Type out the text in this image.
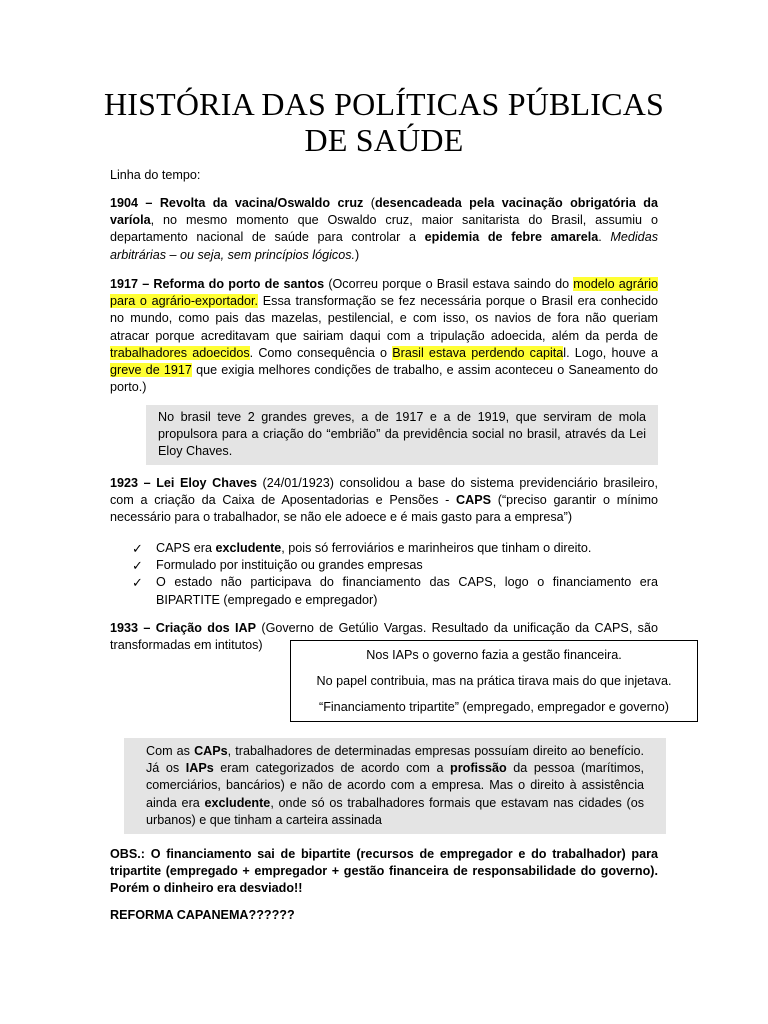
HISTÓRIA DAS POLÍTICAS PÚBLICAS DE SAÚDE

Linha do tempo:

1904 – Revolta da vacina/Oswaldo cruz (desencadeada pela vacinação obrigatória da varíola, no mesmo momento que Oswaldo cruz, maior sanitarista do Brasil, assumiu o departamento nacional de saúde para controlar a epidemia de febre amarela. Medidas arbitrárias – ou seja, sem princípios lógicos.)

1917 – Reforma do porto de santos (Ocorreu porque o Brasil estava saindo do modelo agrário para o agrário-exportador. Essa transformação se fez necessária porque o Brasil era conhecido no mundo, como pais das mazelas, pestilencial, e com isso, os navios de fora não queriam atracar porque acreditavam que sairiam daqui com a tripulação adoecida, além da perda de trabalhadores adoecidos. Como consequência o Brasil estava perdendo capital. Logo, houve a greve de 1917 que exigia melhores condições de trabalho, e assim aconteceu o Saneamento do porto.)

No brasil teve 2 grandes greves, a de 1917 e a de 1919, que serviram de mola propulsora para a criação do “embrião” da previdência social no brasil, através da Lei Eloy Chaves.

1923 – Lei Eloy Chaves (24/01/1923) consolidou a base do sistema previdenciário brasileiro, com a criação da Caixa de Aposentadorias e Pensões - CAPS (“preciso garantir o mínimo necessário para o trabalhador, se não ele adoece e é mais gasto para a empresa”)

✓ CAPS era excludente, pois só ferroviários e marinheiros que tinham o direito.
✓ Formulado por instituição ou grandes empresas
✓ O estado não participava do financiamento das CAPS, logo o financiamento era BIPARTITE (empregado e empregador)

1933 – Criação dos IAP (Governo de Getúlio Vargas. Resultado da unificação da CAPS, são transformadas em intitutos)

Nos IAPs o governo fazia a gestão financeira.

No papel contribuia, mas na prática tirava mais do que injetava.

“Financiamento tripartite” (empregado, empregador e governo)

Com as CAPs, trabalhadores de determinadas empresas possuíam direito ao benefício. Já os IAPs eram categorizados de acordo com a profissão da pessoa (marítimos, comerciários, bancários) e não de acordo com a empresa. Mas o direito à assistência ainda era excludente, onde só os trabalhadores formais que estavam nas cidades (os urbanos) e que tinham a carteira assinada

OBS.: O financiamento sai de bipartite (recursos de empregador e do trabalhador) para tripartite (empregado + empregador + gestão financeira de responsabilidade do governo). Porém o dinheiro era desviado!!

REFORMA CAPANEMA??????
